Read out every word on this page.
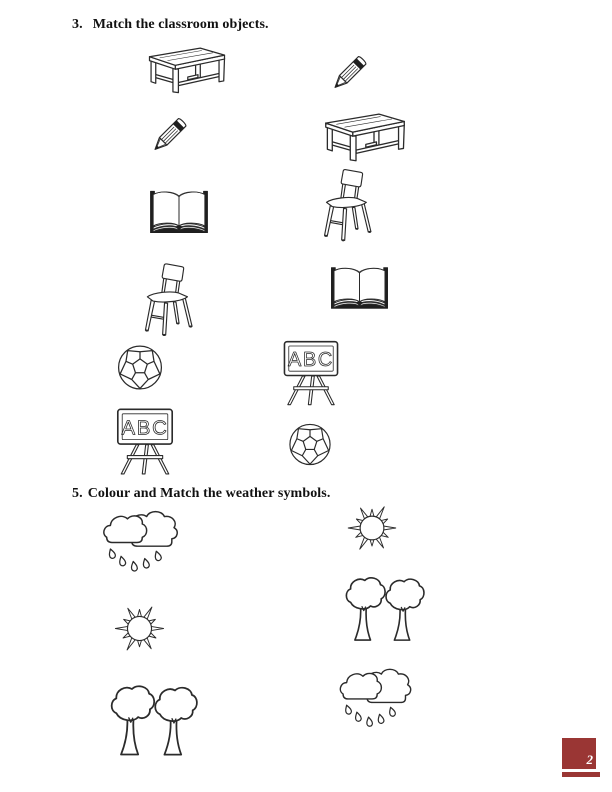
3. Match the classroom objects.
5. Colour and Match the weather symbols.
2
